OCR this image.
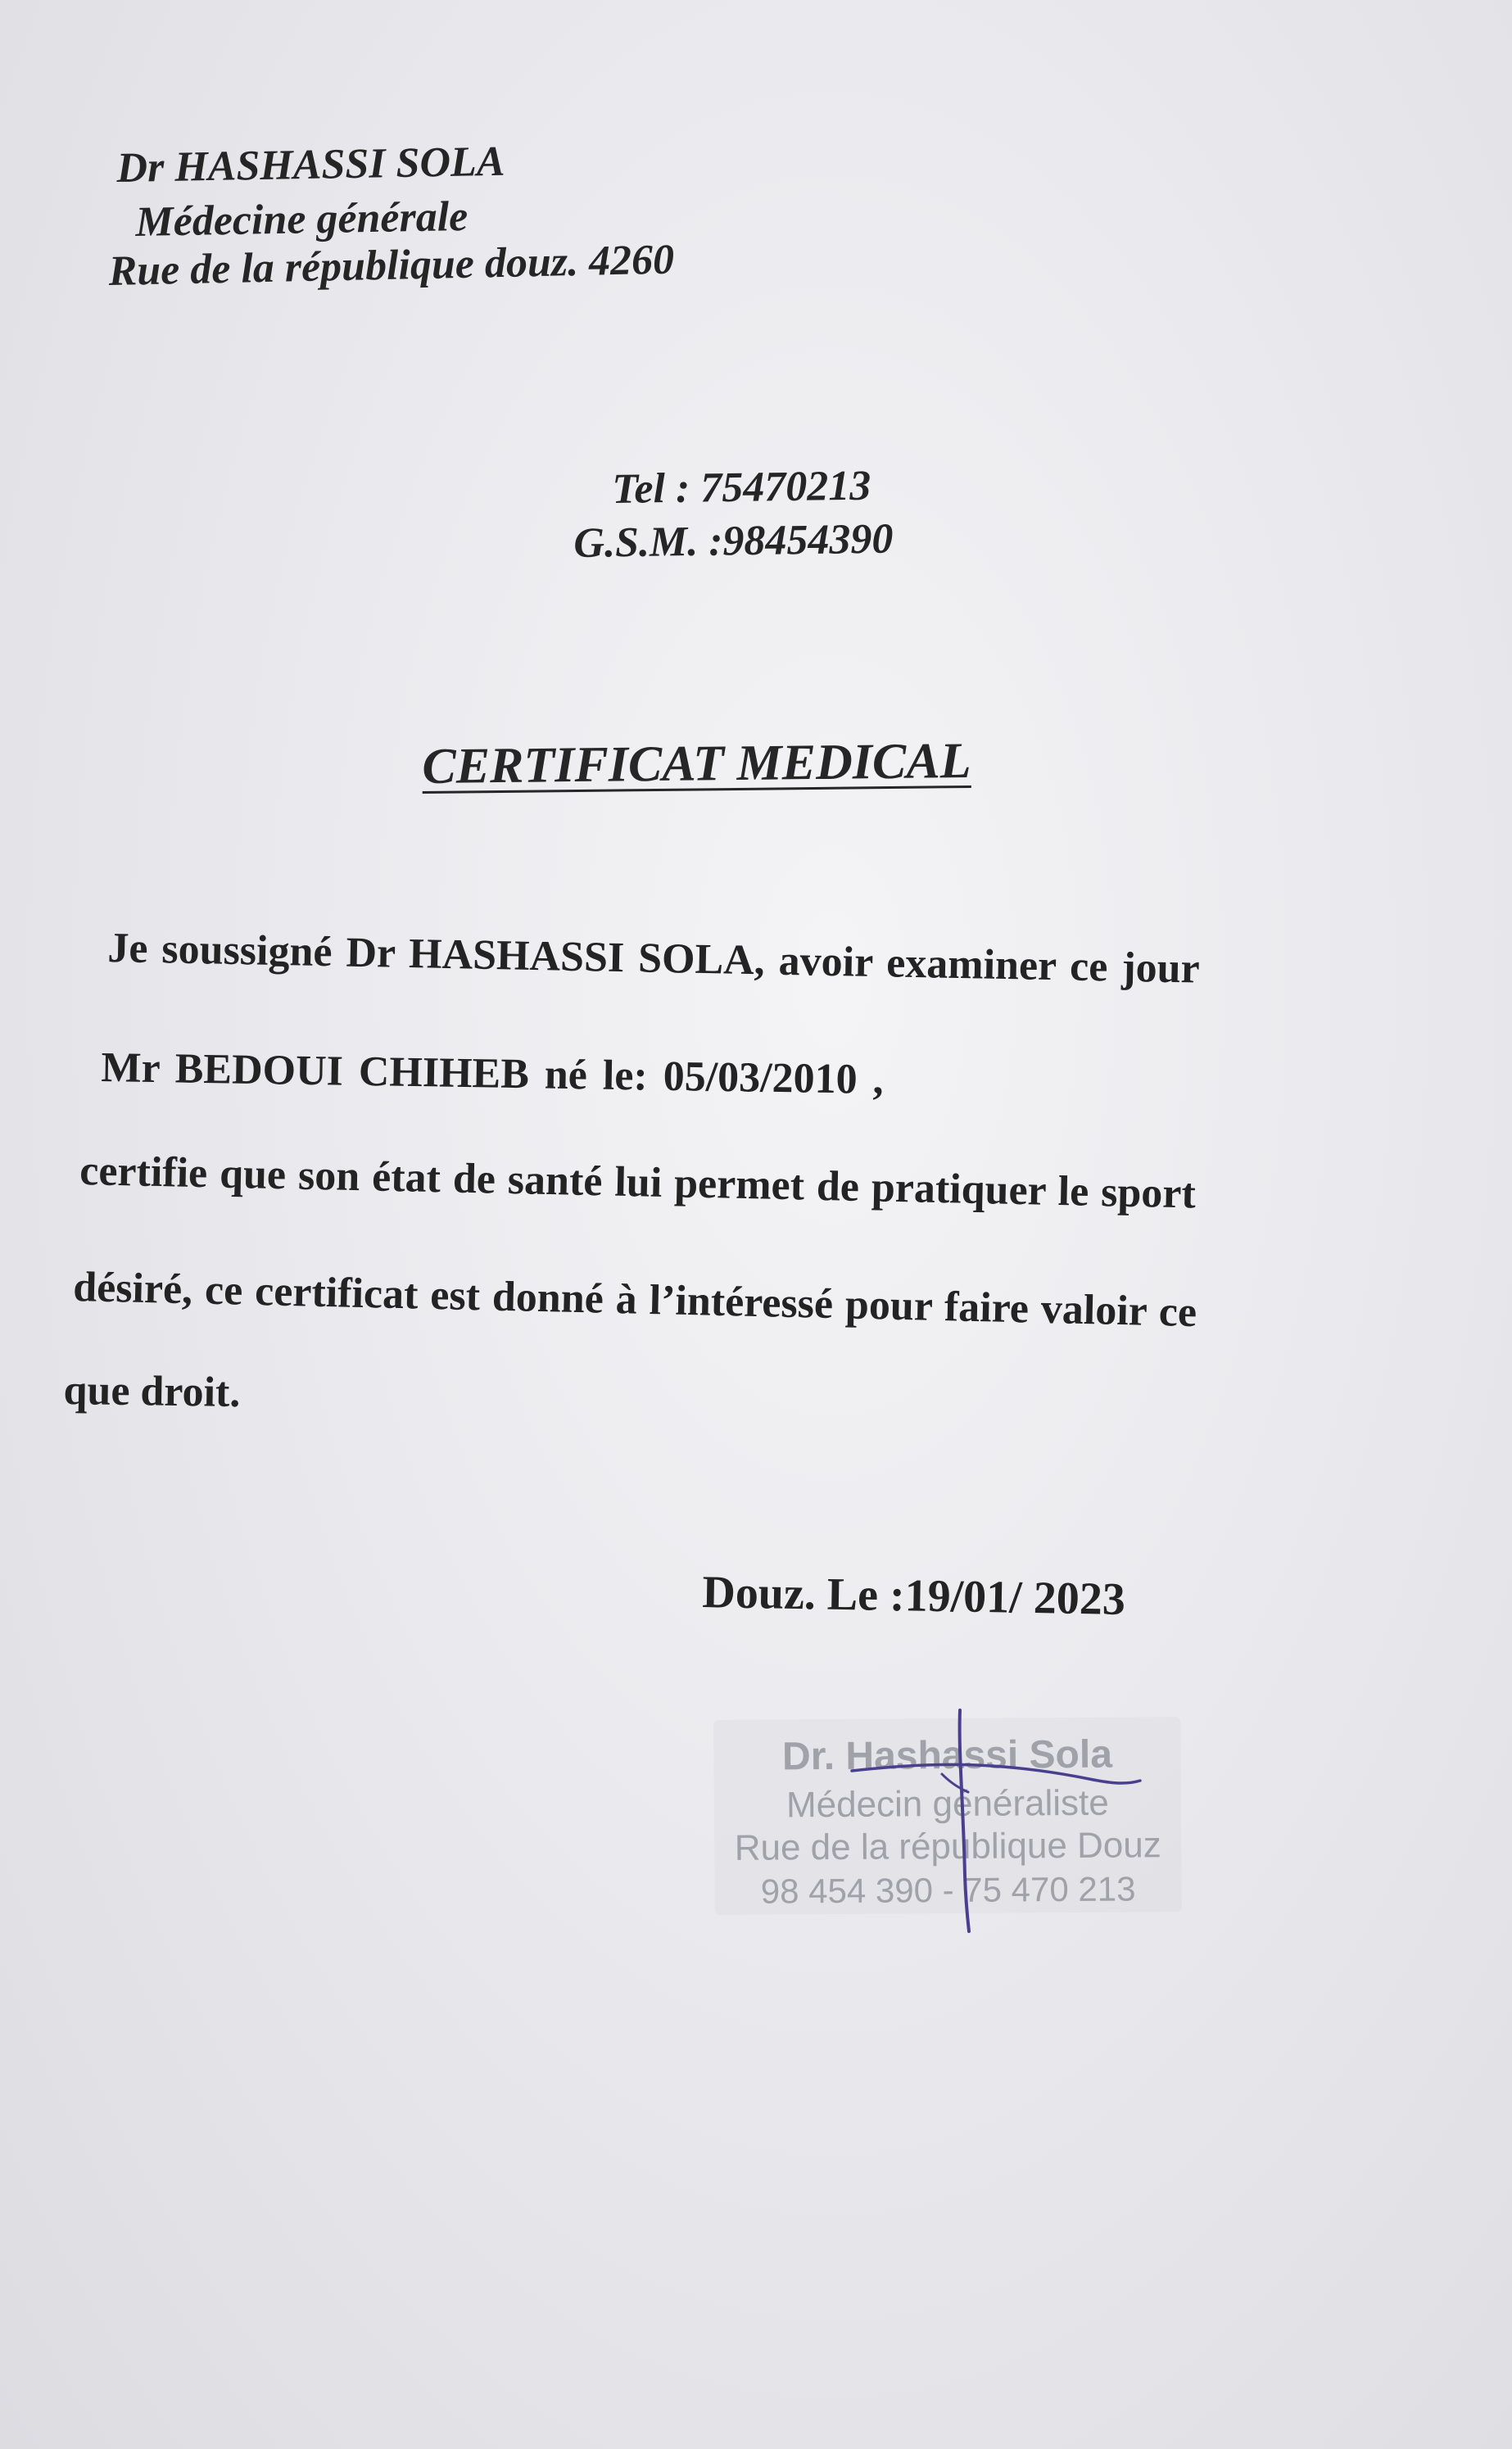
Dr HASHASSI SOLA
Médecine générale
Rue de la république douz. 4260
Tel : 75470213
G.S.M. :98454390
CERTIFICAT MEDICAL
Je soussigné Dr HASHASSI SOLA, avoir examiner ce jour
Mr BEDOUI CHIHEB né le: 05/03/2010 ,
certifie que son état de santé lui permet de pratiquer le sport
désiré, ce certificat est donné à l’intéressé pour faire valoir ce
que droit.
Douz. Le :19/01/ 2023
Dr. Hashassi Sola
Médecin généraliste
Rue de la république Douz
98 454 390 - 75 470 213
